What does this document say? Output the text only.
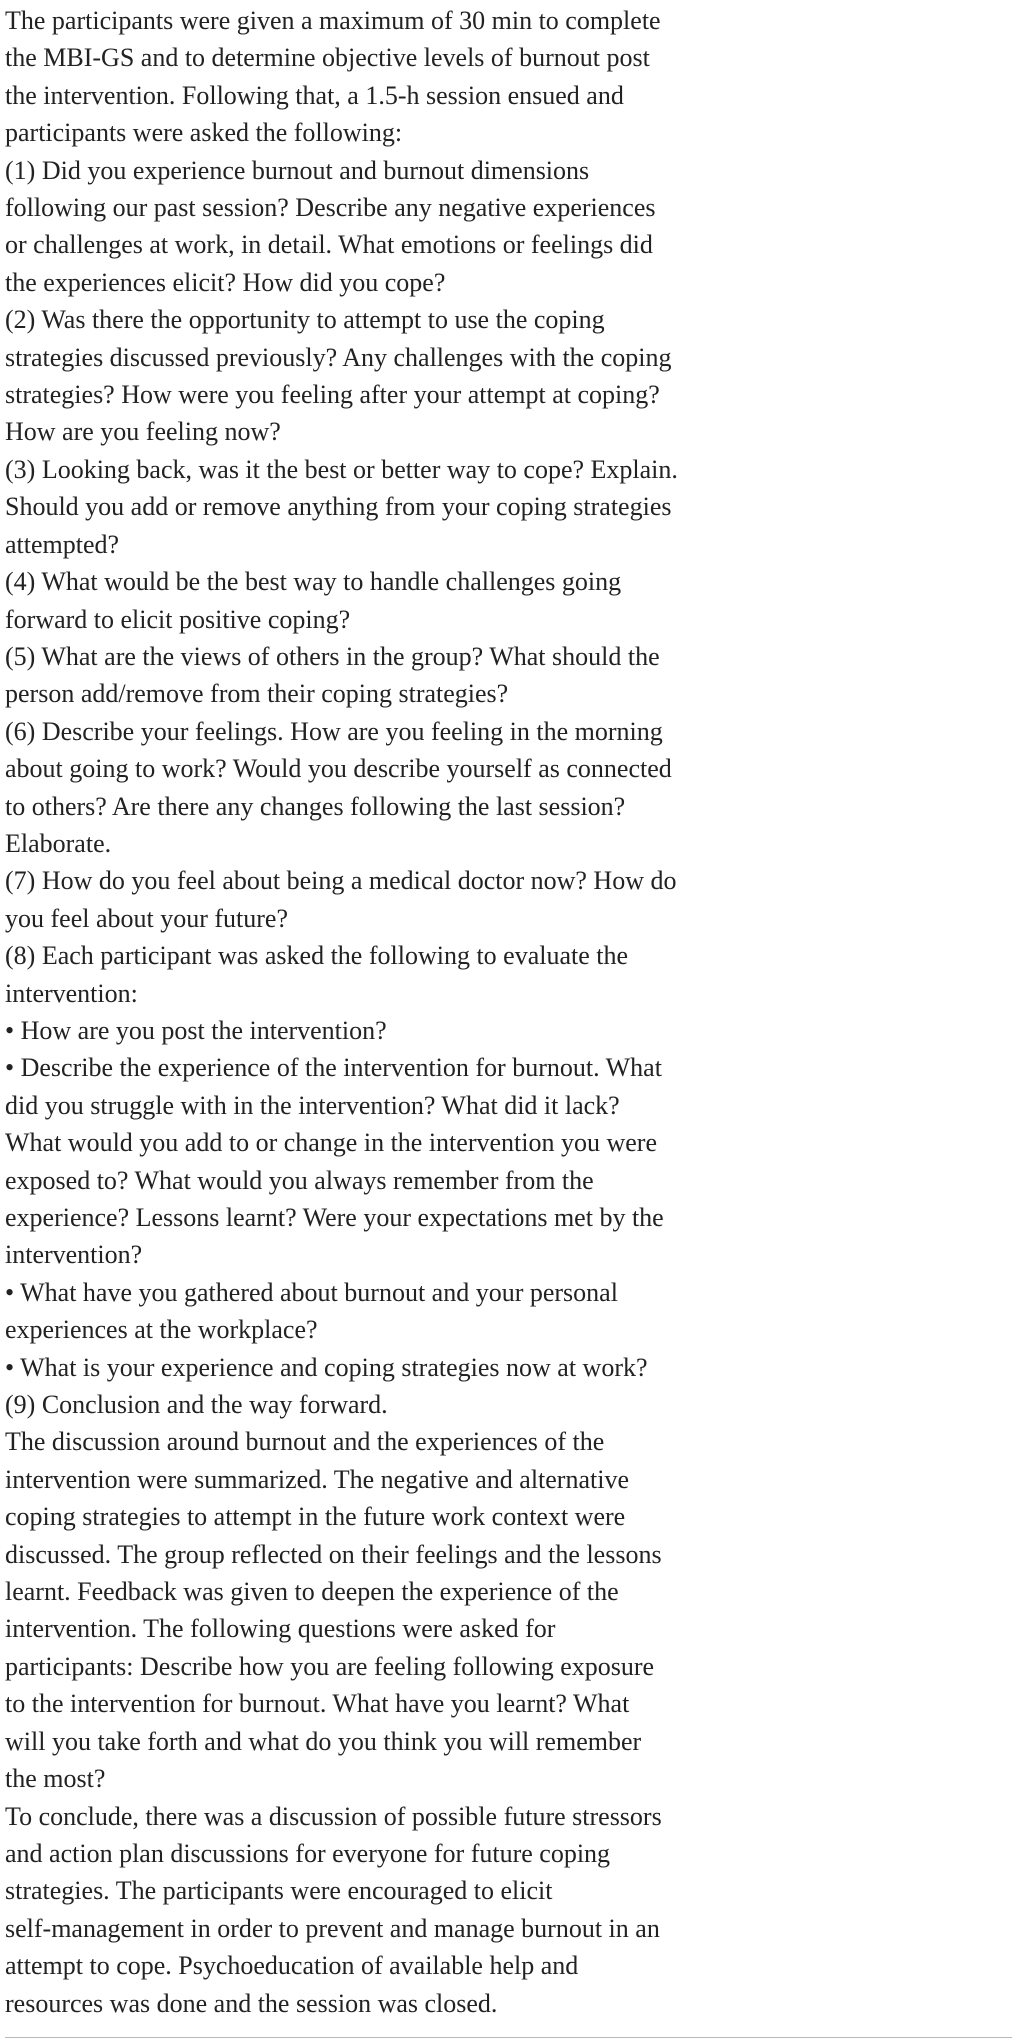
The participants were given a maximum of 30 min to complete
the MBI-GS and to determine objective levels of burnout post
the intervention. Following that, a 1.5-h session ensued and
participants were asked the following:
(1) Did you experience burnout and burnout dimensions
following our past session? Describe any negative experiences
or challenges at work, in detail. What emotions or feelings did
the experiences elicit? How did you cope?
(2) Was there the opportunity to attempt to use the coping
strategies discussed previously? Any challenges with the coping
strategies? How were you feeling after your attempt at coping?
How are you feeling now?
(3) Looking back, was it the best or better way to cope? Explain.
Should you add or remove anything from your coping strategies
attempted?
(4) What would be the best way to handle challenges going
forward to elicit positive coping?
(5) What are the views of others in the group? What should the
person add/remove from their coping strategies?
(6) Describe your feelings. How are you feeling in the morning
about going to work? Would you describe yourself as connected
to others? Are there any changes following the last session?
Elaborate.
(7) How do you feel about being a medical doctor now? How do
you feel about your future?
(8) Each participant was asked the following to evaluate the
intervention:
• How are you post the intervention?
• Describe the experience of the intervention for burnout. What
did you struggle with in the intervention? What did it lack?
What would you add to or change in the intervention you were
exposed to? What would you always remember from the
experience? Lessons learnt? Were your expectations met by the
intervention?
• What have you gathered about burnout and your personal
experiences at the workplace?
• What is your experience and coping strategies now at work?
(9) Conclusion and the way forward.
The discussion around burnout and the experiences of the
intervention were summarized. The negative and alternative
coping strategies to attempt in the future work context were
discussed. The group reflected on their feelings and the lessons
learnt. Feedback was given to deepen the experience of the
intervention. The following questions were asked for
participants: Describe how you are feeling following exposure
to the intervention for burnout. What have you learnt? What
will you take forth and what do you think you will remember
the most?
To conclude, there was a discussion of possible future stressors
and action plan discussions for everyone for future coping
strategies. The participants were encouraged to elicit
self-management in order to prevent and manage burnout in an
attempt to cope. Psychoeducation of available help and
resources was done and the session was closed.
